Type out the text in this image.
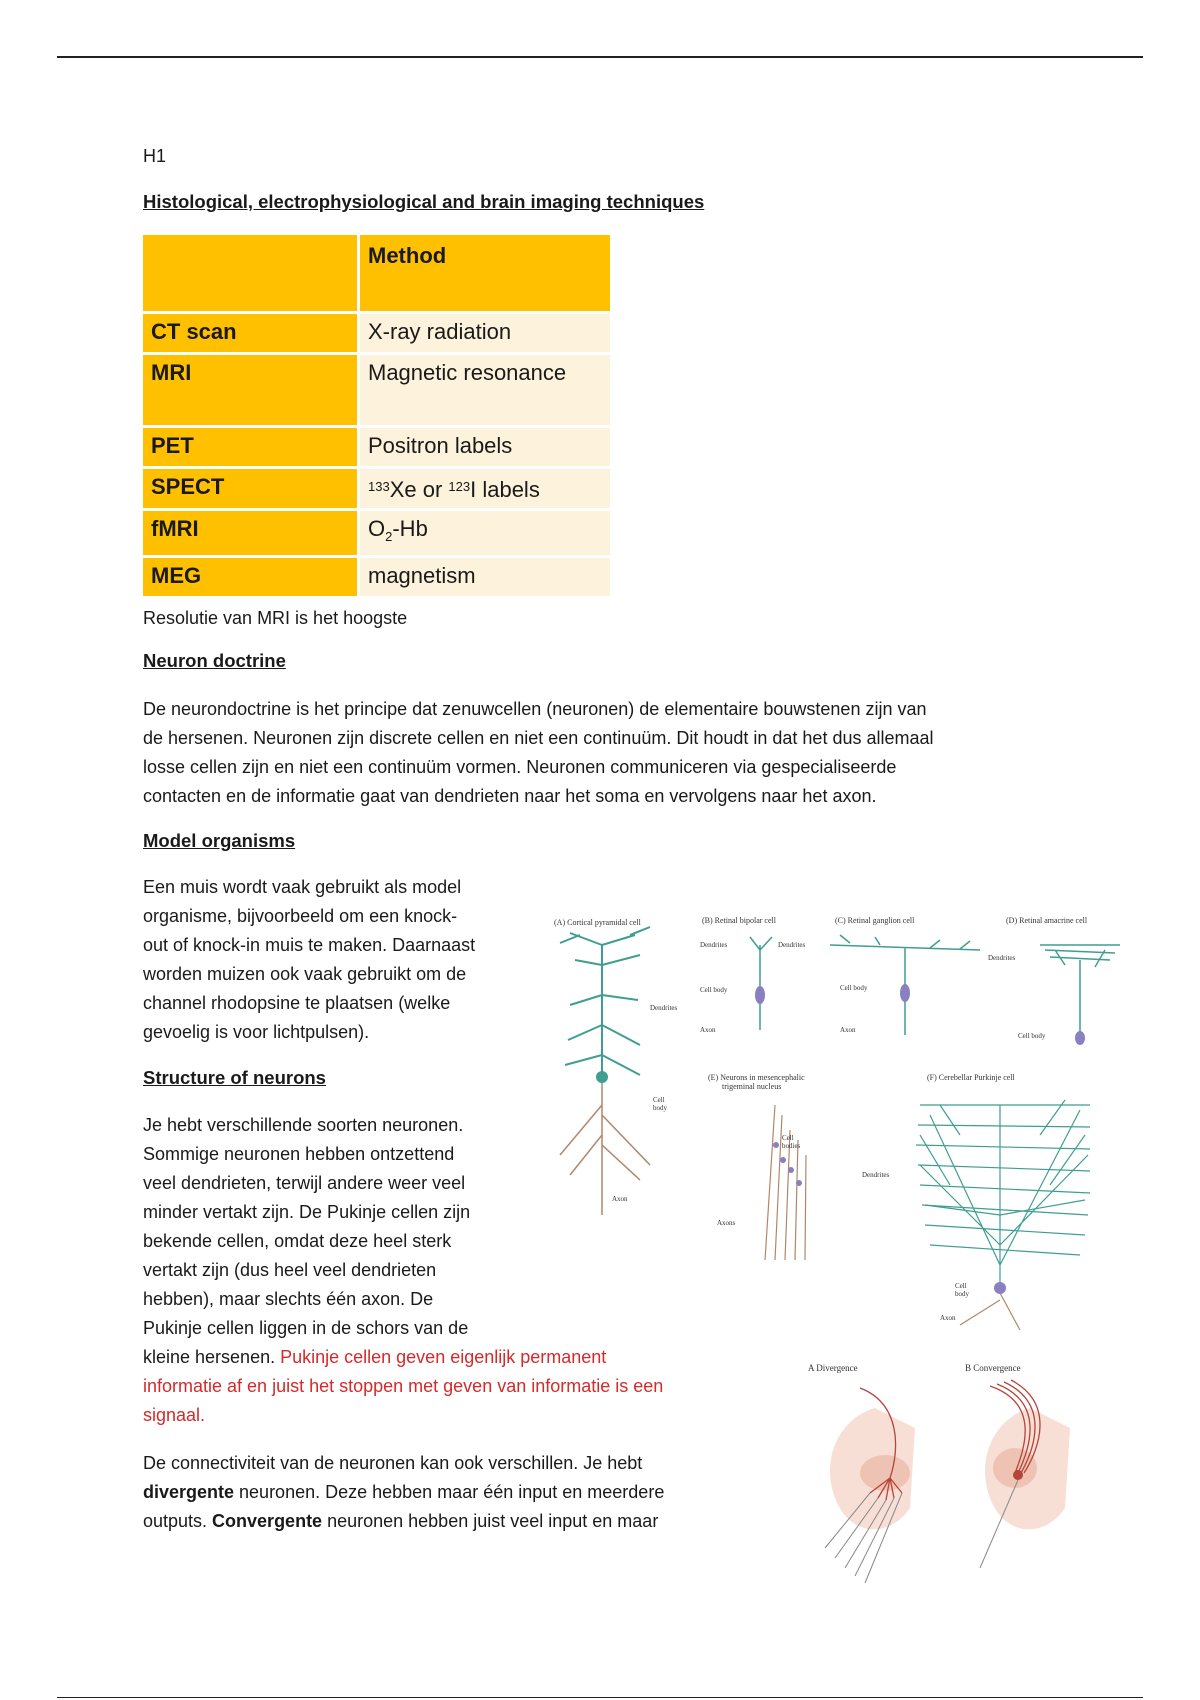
H1
Histological, electrophysiological and brain imaging techniques
	Method
CT scan	X-ray radiation
MRI	Magnetic resonance
PET	Positron labels
SPECT	$^{133}$Xe or $^{123}$I labels
fMRI	$O_2-Hb$
MEG	magnetism
Resolutie van MRI is het hoogste
Neuron doctrine
De neurondoctrine is het principe dat zenuwcellen (neuronen) de elementaire bouwstenen zijn van
de hersenen. Neuronen zijn discrete cellen en niet een continuüm. Dit houdt in dat het dus allemaal
losse cellen zijn en niet een continuüm vormen. Neuronen communiceren via gespecialiseerde
contacten en de informatie gaat van dendrieten naar het soma en vervolgens naar het axon.
Model organisms
Een muis wordt vaak gebruikt als model
organisme, bijvoorbeeld om een knock-
out of knock-in muis te maken. Daarnaast
worden muizen ook vaak gebruikt om de
channel rhodopsine te plaatsen (welke
gevoelig is voor lichtpulsen).
Structure of neurons
Je hebt verschillende soorten neuronen.
Sommige neuronen hebben ontzettend
veel dendrieten, terwijl andere weer veel
minder vertakt zijn. De Pukinje cellen zijn
bekende cellen, omdat deze heel sterk
vertakt zijn (dus heel veel dendrieten
hebben), maar slechts één axon. De
Pukinje cellen liggen in de schors van de
kleine hersenen. Pukinje cellen geven eigenlijk permanent
informatie af en juist het stoppen met geven van informatie is een
signaal.
De connectiviteit van de neuronen kan ook verschillen. Je hebt
divergente neuronen. Deze hebben maar één input en meerdere
outputs. Convergente neuronen hebben juist veel input en maar
(A) Cortical pyramidal cell	(B) Retinal bipolar cell	(C) Retinal ganglion cell	(D) Retinal amacrine cell
(E) Neurons in mesencephalic
trigeminal nucleus
(F) Cerebellar Purkinje cell
Dendrites
Cell
body
Axon
Dendrites
Cell body
Axon
Dendrites
Cell body
Axon
Dendrites
Cell body
Cell
bodies
Axons
Dendrites
Cell
body
Axon
A Divergence	B Convergence
